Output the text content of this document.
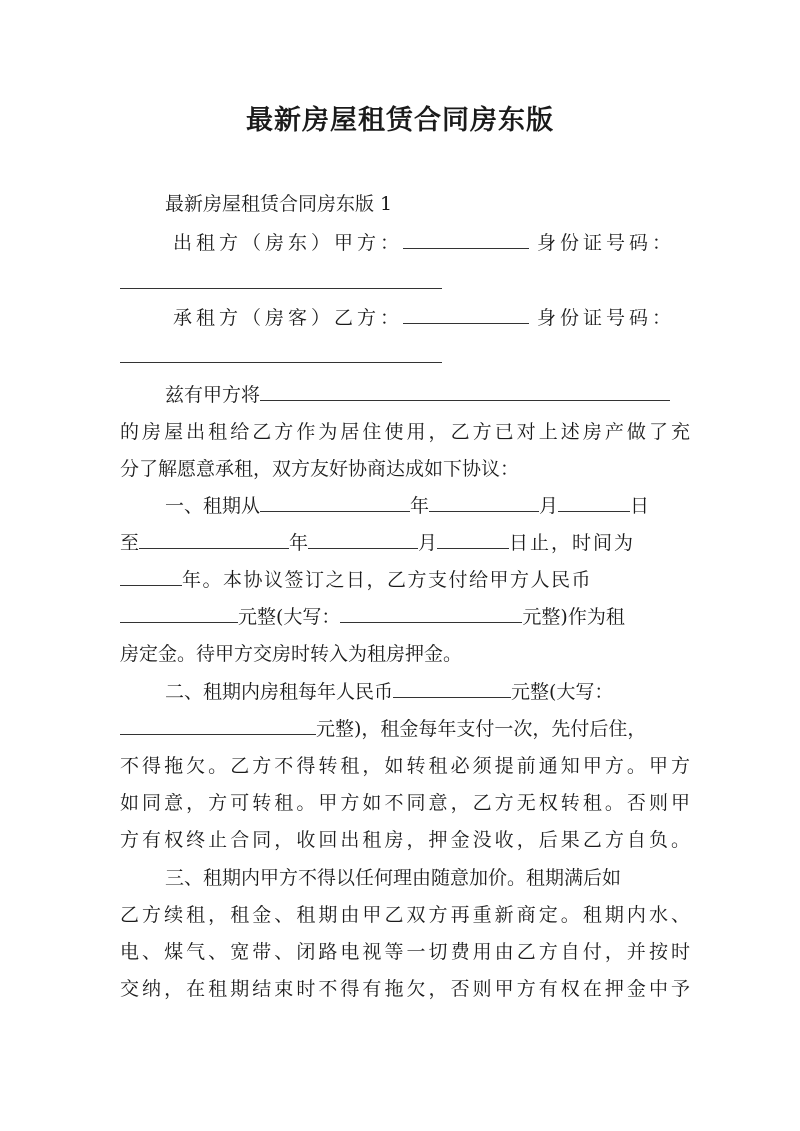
最新房屋租赁合同房东版
最新房屋租赁合同房东版 1
出租方（房东）甲方：	身份证号码：
承租方（房客）乙方：	身份证号码：
兹有甲方将
的房屋出租给乙方作为居住使用，乙方已对上述房产做了充
分了解愿意承租，双方友好协商达成如下协议：
一、租期从	年	月	日
至	年	月	日止，时间为
年。本协议签订之日，乙方支付给甲方人民币
元整(大写：	元整)作为租
房定金。待甲方交房时转入为租房押金。
二、租期内房租每年人民币	元整(大写：
元整)，租金每年支付一次，先付后住，
不得拖欠。乙方不得转租，如转租必须提前通知甲方。甲方
如同意，方可转租。甲方如不同意，乙方无权转租。否则甲
方有权终止合同，收回出租房，押金没收，后果乙方自负。
三、租期内甲方不得以任何理由随意加价。租期满后如
乙方续租，租金、租期由甲乙双方再重新商定。租期内水、
电、煤气、宽带、闭路电视等一切费用由乙方自付，并按时
交纳，在租期结束时不得有拖欠，否则甲方有权在押金中予
